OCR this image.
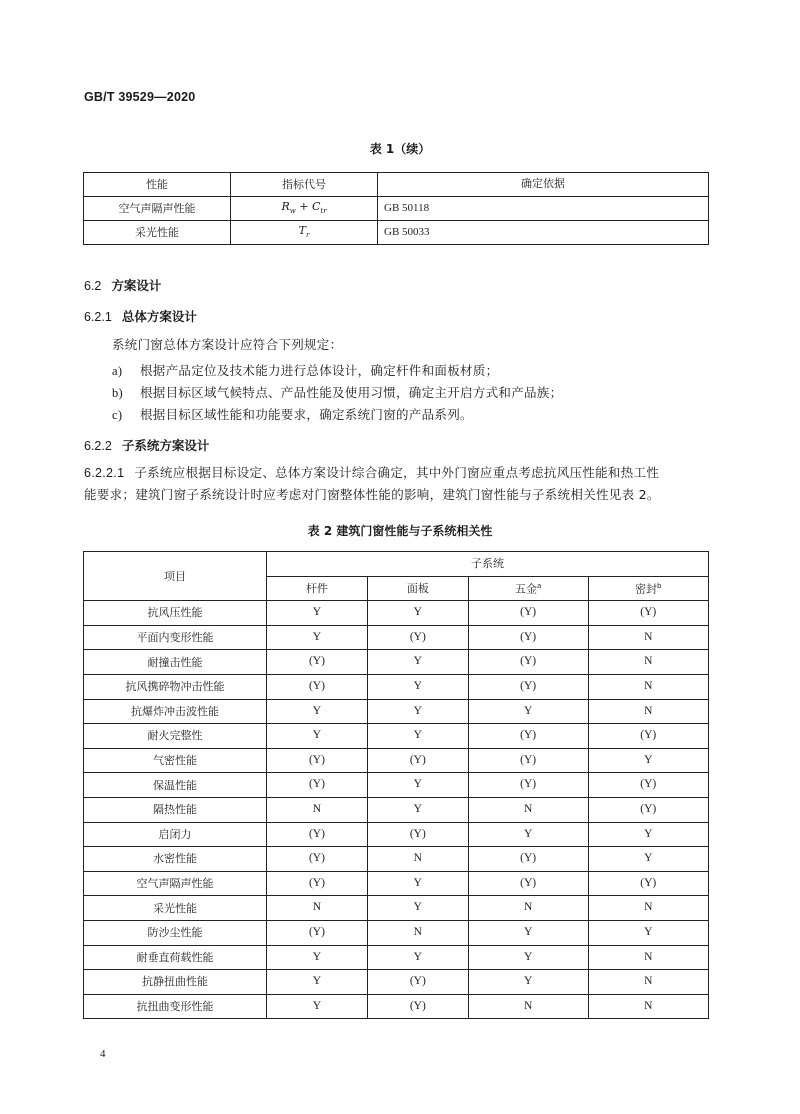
GB/T 39529—2020
表 1（续）
性能	指标代号	确定依据
空气声隔声性能	$R_w + C_{tr}$	GB 50118
采光性能	$T_r$	GB 50033
6.2 方案设计
6.2.1 总体方案设计
系统门窗总体方案设计应符合下列规定：
a) 根据产品定位及技术能力进行总体设计，确定杆件和面板材质；
b) 根据目标区域气候特点、产品性能及使用习惯，确定主开启方式和产品族；
c) 根据目标区域性能和功能要求，确定系统门窗的产品系列。
6.2.2 子系统方案设计
6.2.2.1 子系统应根据目标设定、总体方案设计综合确定，其中外门窗应重点考虑抗风压性能和热工性
能要求；建筑门窗子系统设计时应考虑对门窗整体性能的影响，建筑门窗性能与子系统相关性见表 2。
表 2 建筑门窗性能与子系统相关性
项目	子系统			
	杆件	面板	五金$^a$	密封$^b$
抗风压性能	Y	Y	(Y)	(Y)
平面内变形性能	Y	(Y)	(Y)	N
耐撞击性能	(Y)	Y	(Y)	N
抗风携碎物冲击性能	(Y)	Y	(Y)	N
抗爆炸冲击波性能	Y	Y	Y	N
耐火完整性	Y	Y	(Y)	(Y)
气密性能	(Y)	(Y)	(Y)	Y
保温性能	(Y)	Y	(Y)	(Y)
隔热性能	N	Y	N	(Y)
启闭力	(Y)	(Y)	Y	Y
水密性能	(Y)	N	(Y)	Y
空气声隔声性能	(Y)	Y	(Y)	(Y)
采光性能	N	Y	N	N
防沙尘性能	(Y)	N	Y	Y
耐垂直荷载性能	Y	Y	Y	N
抗静扭曲性能	Y	(Y)	Y	N
抗扭曲变形性能	Y	(Y)	N	N
4
